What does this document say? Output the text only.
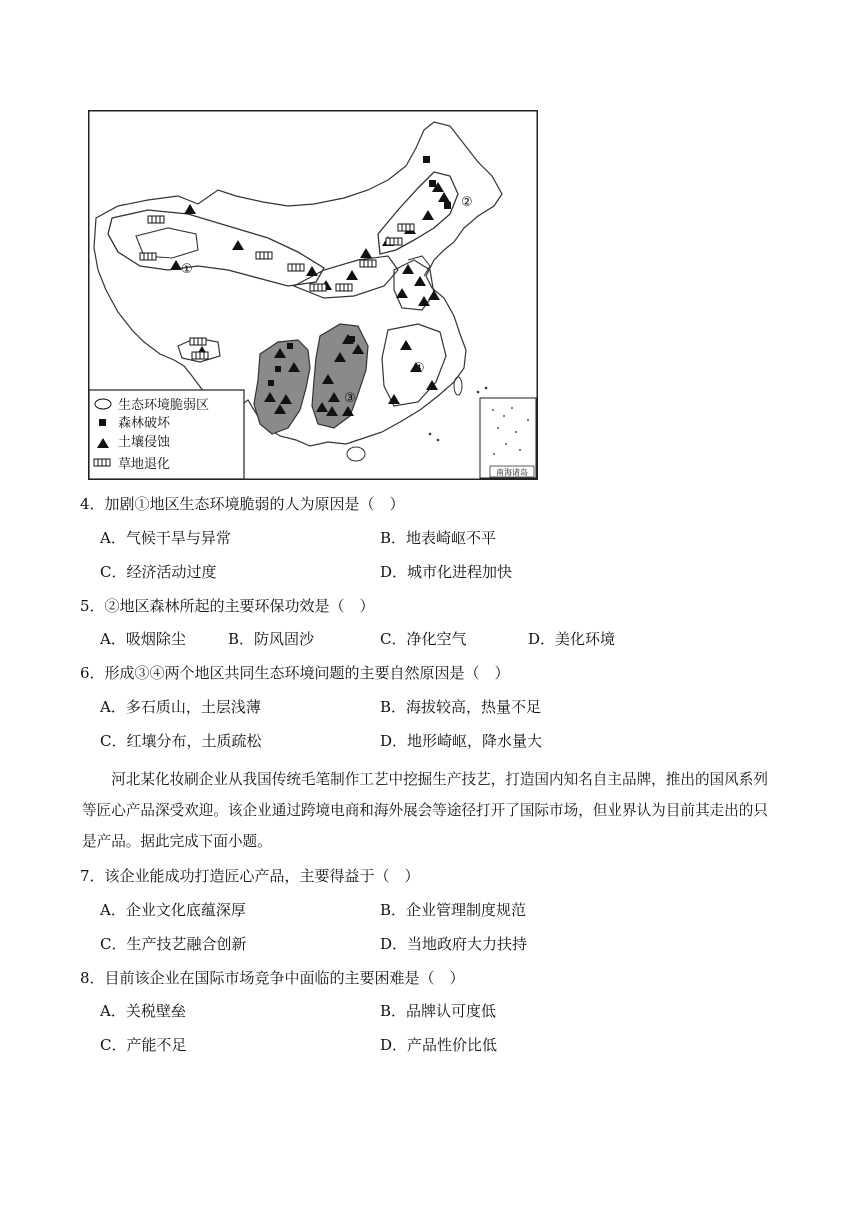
①
②
③
④
南海诸岛
生态环境脆弱区
森林破坏
土壤侵蚀
草地退化
4．加剧①地区生态环境脆弱的人为原因是（　）
A．气候干旱与异常	B．地表崎岖不平
C．经济活动过度	D．城市化进程加快
5．②地区森林所起的主要环保功效是（　）
A．吸烟除尘	B．防风固沙	C．净化空气	D．美化环境
6．形成③④两个地区共同生态环境问题的主要自然原因是（　）
A．多石质山，土层浅薄	B．海拔较高，热量不足
C．红壤分布，土质疏松	D．地形崎岖，降水量大
河北某化妆刷企业从我国传统毛笔制作工艺中挖掘生产技艺，打造国内知名自主品牌，推出的国风系列等匠心产品深受欢迎。该企业通过跨境电商和海外展会等途径打开了国际市场，但业界认为目前其走出的只是产品。据此完成下面小题。
7．该企业能成功打造匠心产品，主要得益于（　）
A．企业文化底蕴深厚	B．企业管理制度规范
C．生产技艺融合创新	D．当地政府大力扶持
8．目前该企业在国际市场竞争中面临的主要困难是（　）
A．关税壁垒	B．品牌认可度低
C．产能不足	D．产品性价比低
